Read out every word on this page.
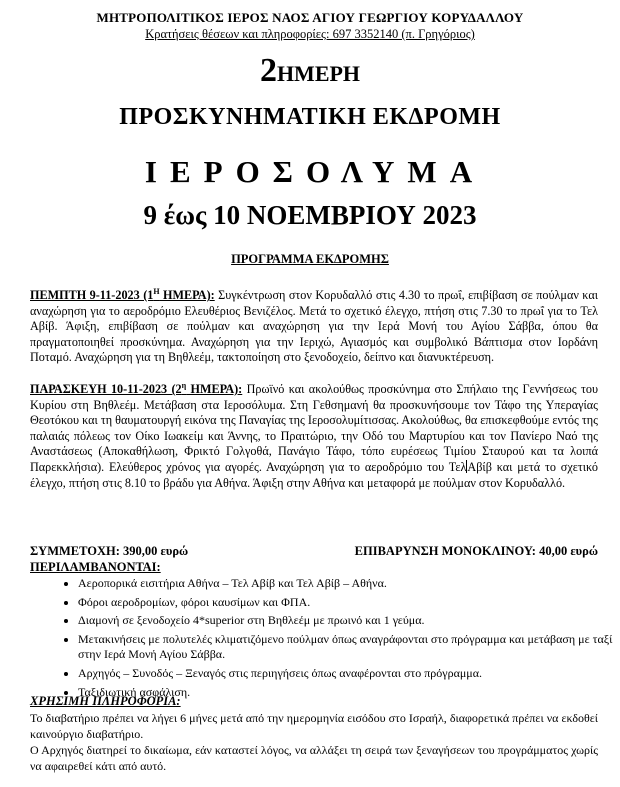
ΜΗΤΡΟΠΟΛΙΤΙΚΟΣ ΙΕΡΟΣ ΝΑΟΣ ΑΓΙΟΥ ΓΕΩΡΓΙΟΥ ΚΟΡΥΔΑΛΛΟΥ
Κρατήσεις θέσεων και πληροφορίες: 697 3352140 (π. Γρηγόριος)
2ΗΜΕΡΗ
ΠΡΟΣΚΥΝΗΜΑΤΙΚΗ ΕΚΔΡΟΜΗ
ΙΕΡΟΣΟΛΥΜΑ
9 έως 10 ΝΟΕΜΒΡΙΟΥ 2023
ΠΡΟΓΡΑΜΜΑ ΕΚΔΡΟΜΗΣ
ΠΕΜΠΤΗ 9-11-2023 ($1^H$ ΗΜΕΡΑ): Συγκέντρωση στον Κορυδαλλό στις 4.30 το πρωΐ, επιβίβαση σε πούλμαν και αναχώρηση για το αεροδρόμιο Ελευθέριος Βενιζέλος. Μετά το σχετικό έλεγχο, πτήση στις 7.30 το πρωΐ για το Τελ Αβίβ. Άφιξη, επιβίβαση σε πούλμαν και αναχώρηση για την Ιερά Μονή του Αγίου Σάββα, όπου θα πραγματοποιηθεί προσκύνημα. Αναχώρηση για την Ιεριχώ, Αγιασμός και συμβολικό Βάπτισμα στον Ιορδάνη Ποταμό. Αναχώρηση για τη Βηθλεέμ, τακτοποίηση στο ξενοδοχείο, δείπνο και διανυκτέρευση.
ΠΑΡΑΣΚΕΥΗ 10-11-2023 ($2^\eta$ ΗΜΕΡΑ): Πρωϊνό και ακολούθως προσκύνημα στο Σπήλαιο της Γεννήσεως του Κυρίου στη Βηθλεέμ. Μετάβαση στα Ιεροσόλυμα. Στη Γεθσημανή θα προσκυνήσουμε τον Τάφο της Υπεραγίας Θεοτόκου και τη θαυματουργή εικόνα της Παναγίας της Ιεροσολυμίτισσας. Ακολούθως, θα επισκεφθούμε εντός της παλαιάς πόλεως τον Οίκο Ιωακείμ και Άννης, το Πραιτώριο, την Οδό του Μαρτυρίου και τον Πανίερο Ναό της Αναστάσεως (Αποκαθήλωση, Φρικτό Γολγοθά, Πανάγιο Τάφο, τόπο ευρέσεως Τιμίου Σταυρού και τα λοιπά Παρεκκλήσια). Ελεύθερος χρόνος για αγορές. Αναχώρηση για το αεροδρόμιο του ΤελΑβίβ και μετά το σχετικό έλεγχο, πτήση στις 8.10 το βράδυ για Αθήνα. Άφιξη στην Αθήνα και μεταφορά με πούλμαν στον Κορυδαλλό.
ΣΥΜΜΕΤΟΧΗ: 390,00 ευρώ	ΕΠΙΒΑΡΥΝΣΗ ΜΟΝΟΚΛΙΝΟΥ: 40,00 ευρώ
ΠΕΡΙΛΑΜΒΑΝΟΝΤΑΙ:
• Αεροπορικά εισιτήρια Αθήνα – Τελ Αβίβ και Τελ Αβίβ – Αθήνα.
• Φόροι αεροδρομίων, φόροι καυσίμων και ΦΠΑ.
• Διαμονή σε ξενοδοχείο 4*superior στη Βηθλεέμ με πρωινό και 1 γεύμα.
• Μετακινήσεις με πολυτελές κλιματιζόμενο πούλμαν όπως αναγράφονται στο πρόγραμμα και μετάβαση με ταξί στην Ιερά Μονή Αγίου Σάββα.
• Αρχηγός – Συνοδός – Ξεναγός στις περιηγήσεις όπως αναφέρονται στο πρόγραμμα.
• Ταξιδιωτική ασφάλιση.
ΧΡΗΣΙΜΗ ΠΛΗΡΟΦΟΡΙΑ:
Το διαβατήριο πρέπει να λήγει 6 μήνες μετά από την ημερομηνία εισόδου στο Ισραήλ, διαφορετικά πρέπει να εκδοθεί καινούργιο διαβατήριο.
Ο Αρχηγός διατηρεί το δικαίωμα, εάν καταστεί λόγος, να αλλάξει τη σειρά των ξεναγήσεων του προγράμματος χωρίς να αφαιρεθεί κάτι από αυτό.
